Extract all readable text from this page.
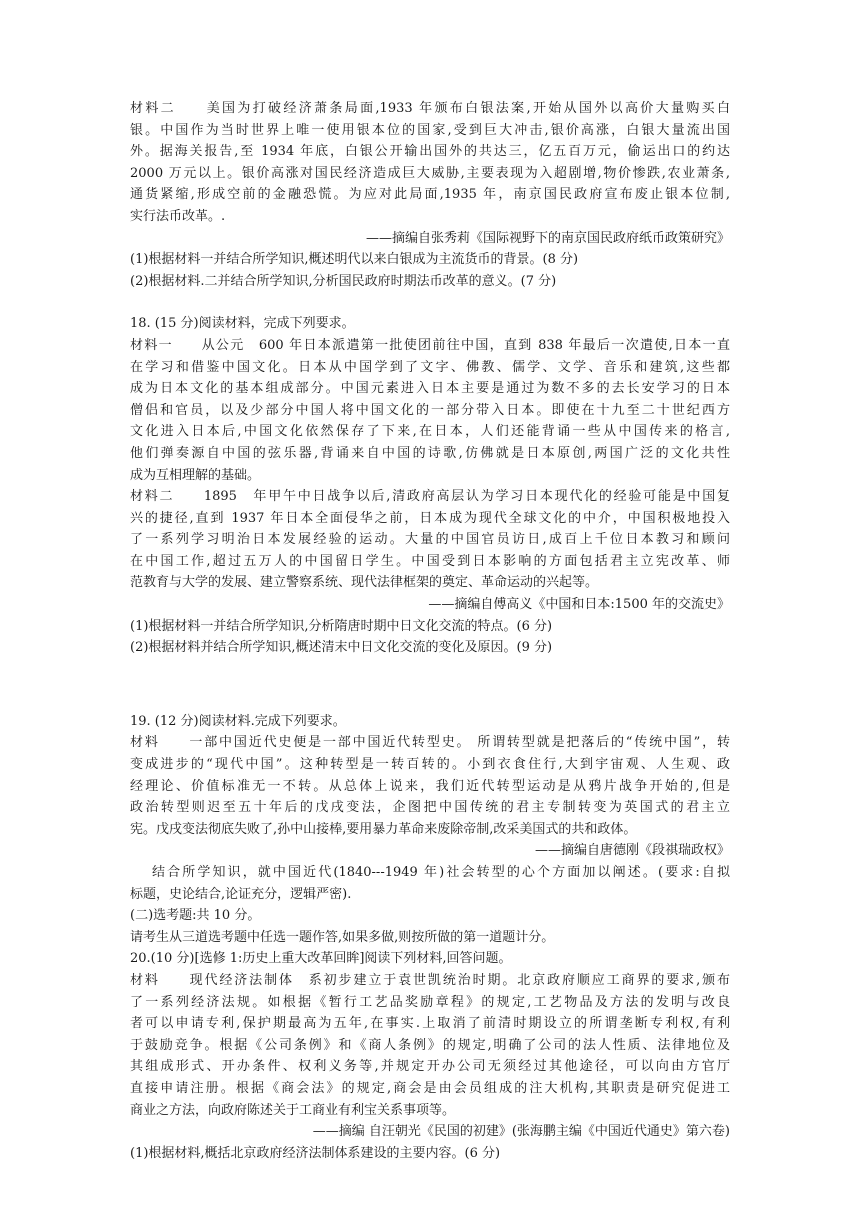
材料二　　美国为打破经济萧条局面,1933 年颁布白银法案,开始从国外以高价大量购买白
银。中国作为当时世界上唯一使用银本位的国家,受到巨大冲击,银价高涨，白银大量流出国
外。据海关报告,至 1934 年底，白银公开输出国外的共达三，亿五百万元，偷运出口的约达
2000 万元以上。银价高涨对国民经济造成巨大威胁,主要表现为入超剧增,物价惨跌,农业萧条,
通货紧缩,形成空前的金融恐慌。为应对此局面,1935 年，南京国民政府宣布废止银本位制,
实行法币改革。.
——摘编自张秀莉《国际视野下的南京国民政府纸币政策研究》
(1)根据材料一并结合所学知识,概述明代以来白银成为主流货币的背景。(8 分)
(2)根据材料.二并结合所学知识,分析国民政府时期法币改革的意义。(7 分)
18. (15 分)阅读材料，完成下列要求。
材料一　　从公元　600 年日本派遣第一批使团前往中国，直到 838 年最后一次遣使,日本一直
在学习和借鉴中国文化。日本从中国学到了文字、佛教、儒学、文学、音乐和建筑,这些都
成为日本文化的基本组成部分。中国元素进入日本主要是通过为数不多的去长安学习的日本
僧侣和官员，以及少部分中国人将中国文化的一部分带入日本。即使在十九至二十世纪西方
文化进入日本后,中国文化依然保存了下来,在日本，人们还能背诵一些从中国传来的格言,
他们弹奏源自中国的弦乐器,背诵来自中国的诗歌,仿佛就是日本原创,两国广泛的文化共性
成为互相理解的基础。
材料二　　1895　年甲午中日战争以后,清政府高层认为学习日本现代化的经验可能是中国复
兴的捷径,直到 1937 年日本全面侵华之前，日本成为现代全球文化的中介，中国积极地投入
了一系列学习明治日本发展经验的运动。大量的中国官员访日,成百上千位日本教习和顾问
在中国工作,超过五万人的中国留日学生。中国受到日本影响的方面包括君主立宪改革、师
范教育与大学的发展、建立警察系统、现代法律框架的奠定、革命运动的兴起等。
——摘编自傅高义《中国和日本:1500 年的交流史》
(1)根据材料一并结合所学知识,分析隋唐时期中日文化交流的特点。(6 分)
(2)根据材料并结合所学知识,概述清末中日文化交流的变化及原因。(9 分)
19. (12 分)阅读材料.完成下列要求。
材料　　一部中国近代史便是一部中国近代转型史。 所谓转型就是把落后的“传统中国”，转
变成进步的“现代中国”。这种转型是一转百转的。小到衣食住行,大到宇宙观、人生观、政
经理论、价值标准无一不转。从总体上说来，我们近代转型运动是从鸦片战争开始的,但是
政治转型则迟至五十年后的戊戌变法，企图把中国传统的君主专制转变为英国式的君主立
宪。戊戌变法彻底失败了,孙中山接棒,要用暴力革命来废除帝制,改采美国式的共和政体。
——摘编自唐德刚《段祺瑞政权》
结合所学知识，就中国近代(1840---1949 年)社会转型的心个方面加以阐述。(要求:自拟
标题，史论结合,论证充分，逻辑严密).
(二)选考题:共 10 分。
请考生从三道选考题中任选一题作答,如果多做,则按所做的第一道题计分。
20.(10 分)[选修 1:历史上重大改革回眸]阅读下列材料,回答问题。
材料　　现代经济法制体　系初步建立于袁世凯统治时期。北京政府顺应工商界的要求,颁布
了一系列经济法规。如根据《暂行工艺品奖励章程》的规定,工艺物品及方法的发明与改良
者可以申请专利,保护期最高为五年,在事实.上取消了前清时期设立的所谓垄断专利权,有利
于鼓励竞争。根据《公司条例》和《商人条例》的规定,明确了公司的法人性质、法律地位及
其组成形式、开办条件、权利义务等,并规定开办公司无须经过其他途径，可以向由方官厅
直接申请注册。根据《商会法》的规定,商会是由会员组成的注大机构,其职责是研究促进工
商业之方法，向政府陈述关于工商业有利宝关系事项等。
——摘编 自汪朝光《民国的初建》(张海鹏主编《中国近代通史》第六卷)
(1)根据材料,概括北京政府经济法制体系建设的主要内容。(6 分)
